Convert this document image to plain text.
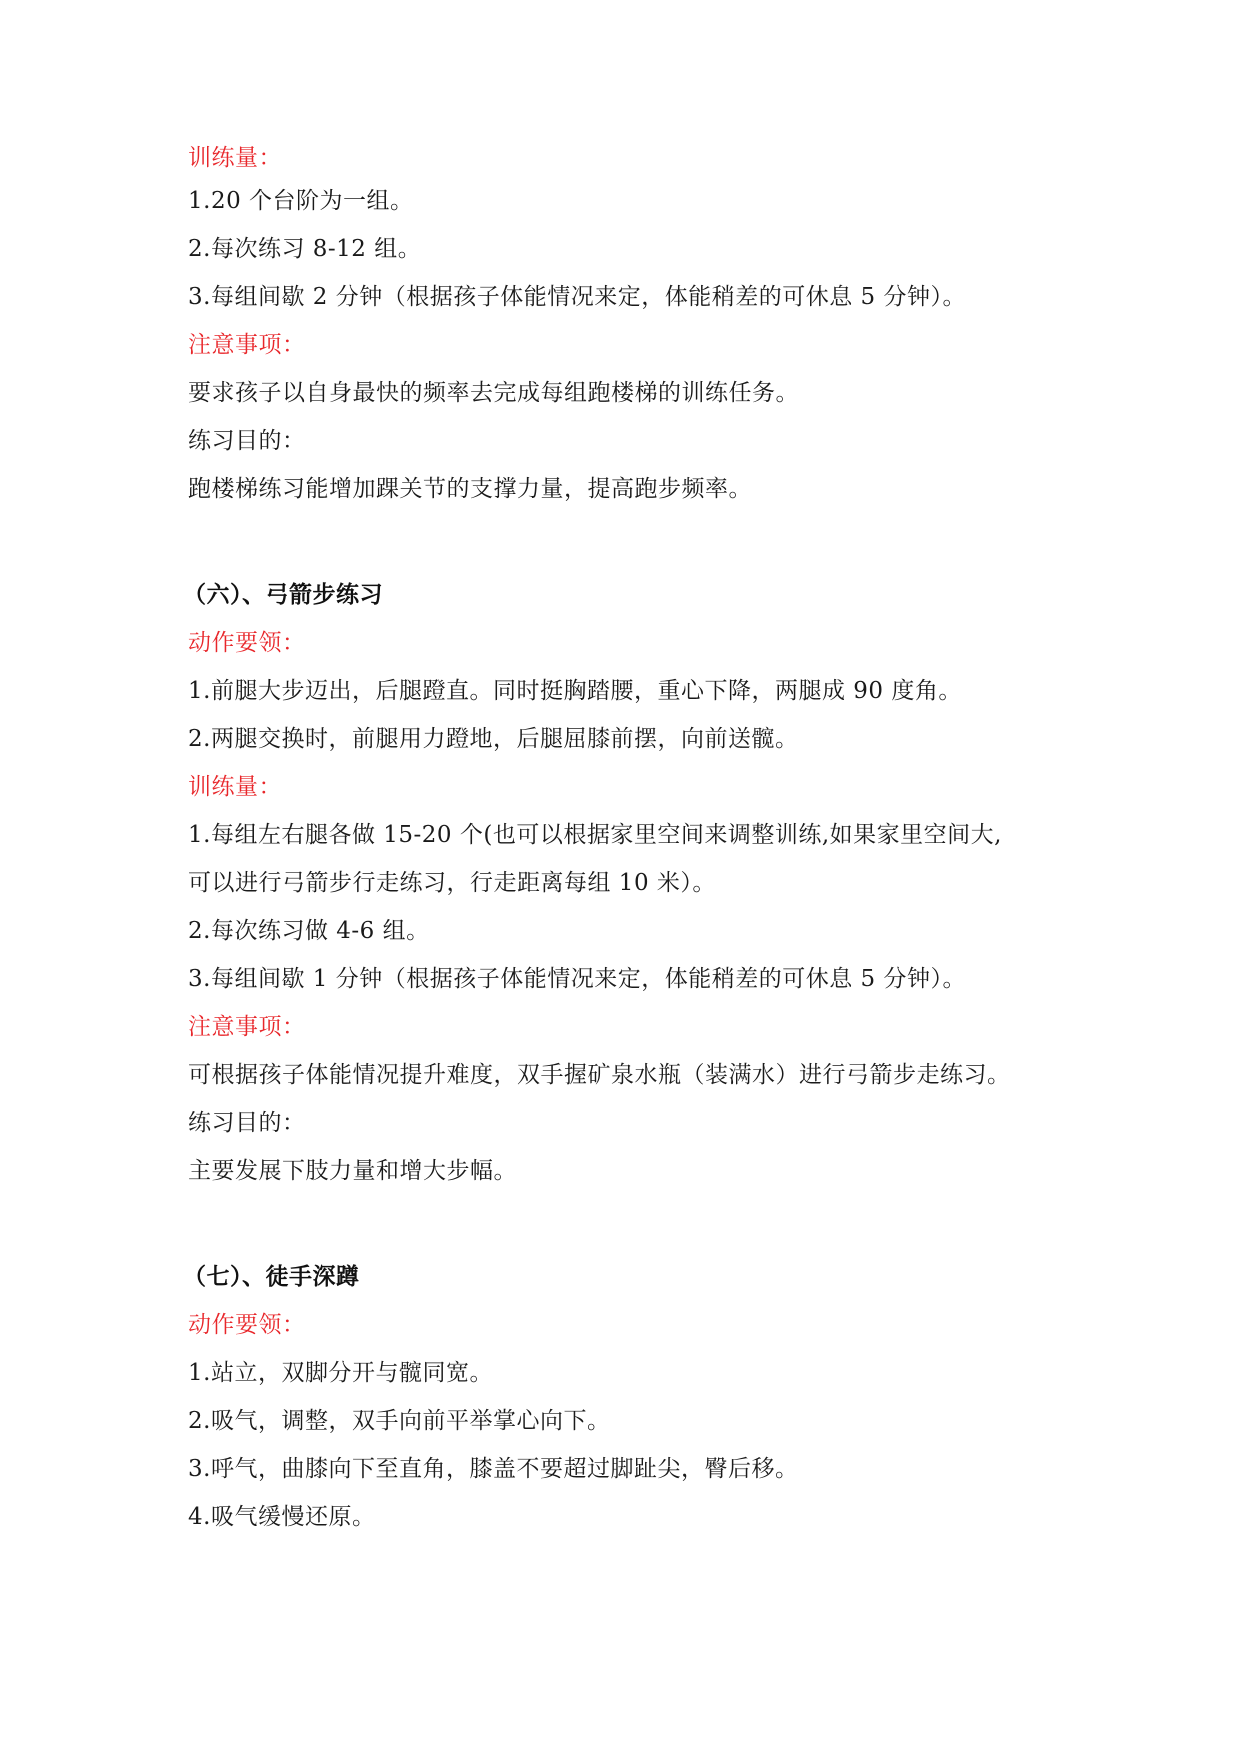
训练量：
1.20 个台阶为一组。
2.每次练习 8-12 组。
3.每组间歇 2 分钟（根据孩子体能情况来定，体能稍差的可休息 5 分钟）。
注意事项：
要求孩子以自身最快的频率去完成每组跑楼梯的训练任务。
练习目的：
跑楼梯练习能增加踝关节的支撑力量，提高跑步频率。
（六）、弓箭步练习
动作要领：
1.前腿大步迈出，后腿蹬直。同时挺胸踏腰，重心下降，两腿成 90 度角。
2.两腿交换时，前腿用力蹬地，后腿屈膝前摆，向前送髋。
训练量：
1.每组左右腿各做 15-20 个(也可以根据家里空间来调整训练,如果家里空间大,
可以进行弓箭步行走练习，行走距离每组 10 米）。
2.每次练习做 4-6 组。
3.每组间歇 1 分钟（根据孩子体能情况来定，体能稍差的可休息 5 分钟）。
注意事项：
可根据孩子体能情况提升难度，双手握矿泉水瓶（装满水）进行弓箭步走练习。
练习目的：
主要发展下肢力量和增大步幅。
（七）、徒手深蹲
动作要领：
1.站立，双脚分开与髋同宽。
2.吸气，调整，双手向前平举掌心向下。
3.呼气，曲膝向下至直角，膝盖不要超过脚趾尖，臀后移。
4.吸气缓慢还原。
